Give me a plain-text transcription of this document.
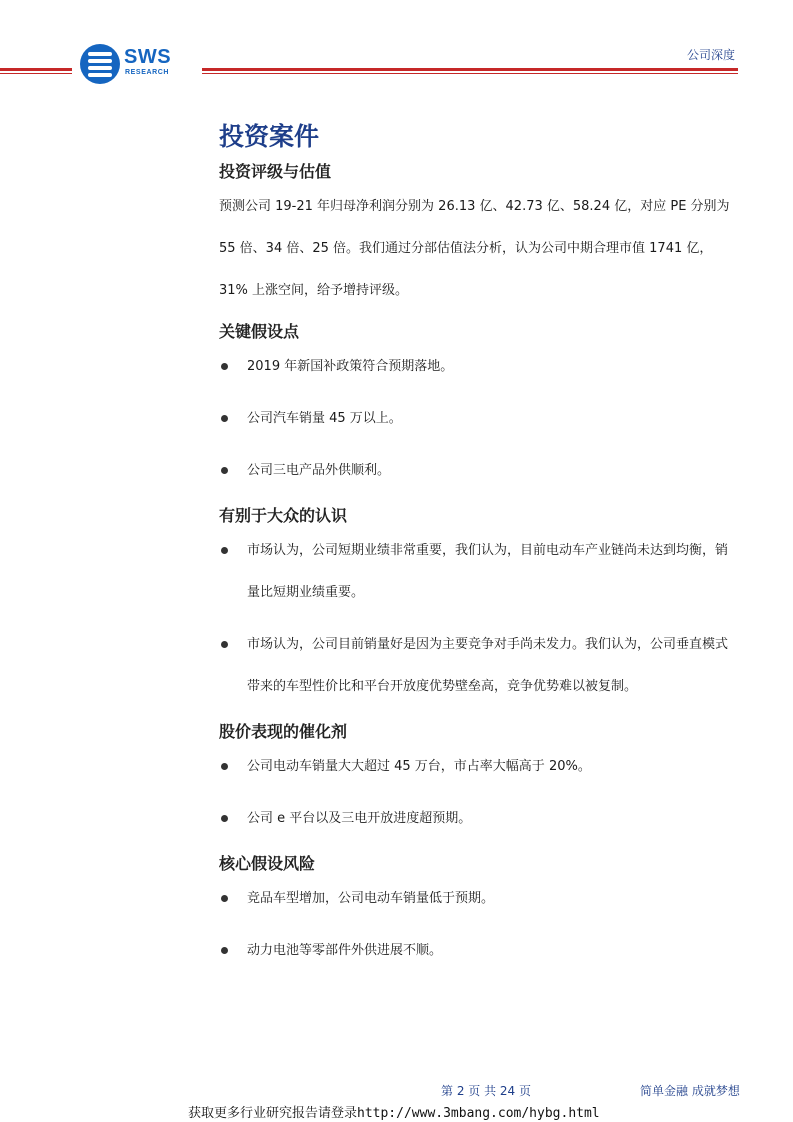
SWS
RESEARCH
公司深度
投资案件
投资评级与估值

预测公司 19-21 年归母净利润分别为 26.13 亿、42.73 亿、58.24 亿，对应 PE 分别为 55 倍、34 倍、25 倍。我们通过分部估值法分析，认为公司中期合理市值 1741 亿，31% 上涨空间，给予增持评级。

关键假设点
2019 年新国补政策符合预期落地。
公司汽车销量 45 万以上。
公司三电产品外供顺利。
有别于大众的认识
市场认为，公司短期业绩非常重要，我们认为，目前电动车产业链尚未达到均衡，销量比短期业绩重要。
市场认为，公司目前销量好是因为主要竞争对手尚未发力。我们认为，公司垂直模式带来的车型性价比和平台开放度优势壁垒高，竞争优势难以被复制。
股价表现的催化剂
公司电动车销量大大超过 45 万台，市占率大幅高于 20%。
公司 e 平台以及三电开放进度超预期。
核心假设风险
竞品车型增加，公司电动车销量低于预期。
动力电池等零部件外供进展不顺。
第 2 页 共 24 页	简单金融 成就梦想
获取更多行业研究报告请登录http://www.3mbang.com/hybg.html
